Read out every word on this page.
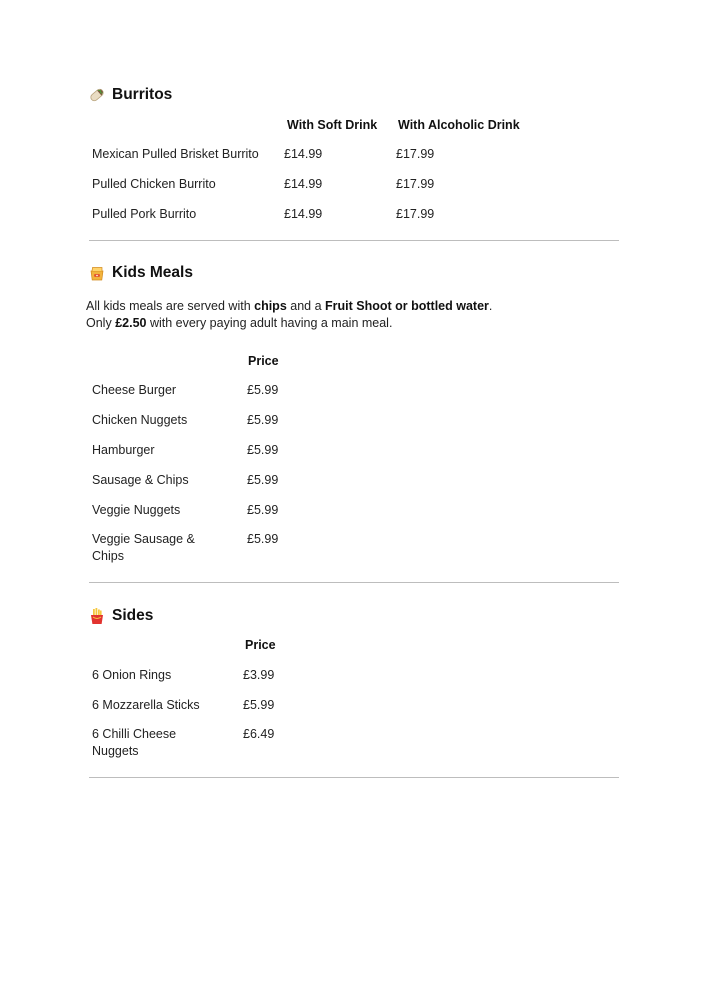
Burritos
With Soft Drink With Alcoholic Drink
Mexican Pulled Brisket Burrito £14.99	£17.99
Pulled Chicken Burrito	£14.99	£17.99
Pulled Pork Burrito	£14.99	£17.99
Kids Meals
All kids meals are served with chips and a Fruit Shoot or bottled water.
Only £2.50 with every paying adult having a main meal.
Price
Cheese Burger	£5.99
Chicken Nuggets	£5.99
Hamburger	£5.99
Sausage & Chips	£5.99
Veggie Nuggets	£5.99
Veggie Sausage &
Chips
£5.99
Sides
Price
6 Onion Rings	£3.99
6 Mozzarella Sticks	£5.99
6 Chilli Cheese
Nuggets
£6.49
